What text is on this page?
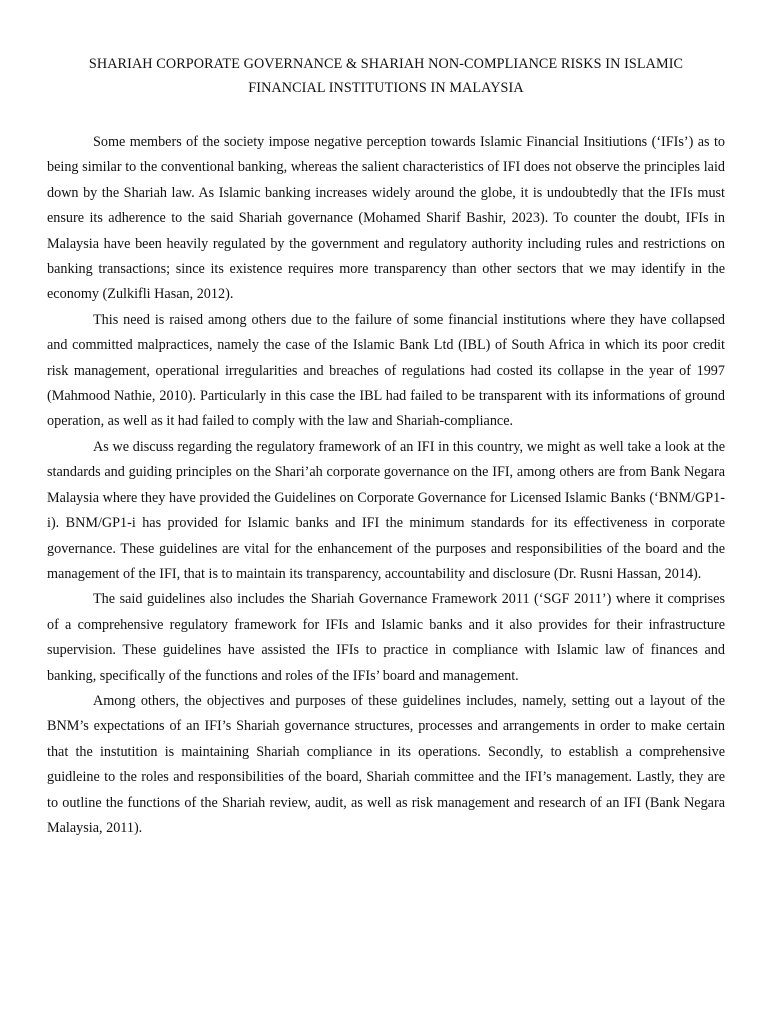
SHARIAH CORPORATE GOVERNANCE & SHARIAH NON-COMPLIANCE RISKS IN ISLAMIC
FINANCIAL INSTITUTIONS IN MALAYSIA

Some members of the society impose negative perception towards Islamic Financial Insitiutions (‘IFIs’) as to being similar to the conventional banking, whereas the salient characteristics of IFI does not observe the principles laid down by the Shariah law. As Islamic banking increases widely around the globe, it is undoubtedly that the IFIs must ensure its adherence to the said Shariah governance (Mohamed Sharif Bashir, 2023). To counter the doubt, IFIs in Malaysia have been heavily regulated by the government and regulatory authority including rules and restrictions on banking transactions; since its existence requires more transparency than other sectors that we may identify in the economy (Zulkifli Hasan, 2012).

This need is raised among others due to the failure of some financial institutions where they have collapsed and committed malpractices, namely the case of the Islamic Bank Ltd (IBL) of South Africa in which its poor credit risk management, operational irregularities and breaches of regulations had costed its collapse in the year of 1997 (Mahmood Nathie, 2010). Particularly in this case the IBL had failed to be transparent with its informations of ground operation, as well as it had failed to comply with the law and Shariah-compliance.

As we discuss regarding the regulatory framework of an IFI in this country, we might as well take a look at the standards and guiding principles on the Shari’ah corporate governance on the IFI, among others are from Bank Negara Malaysia where they have provided the Guidelines on Corporate Governance for Licensed Islamic Banks (‘BNM/GP1-i). BNM/GP1-i has provided for Islamic banks and IFI the minimum standards for its effectiveness in corporate governance. These guidelines are vital for the enhancement of the purposes and responsibilities of the board and the management of the IFI, that is to maintain its transparency, accountability and disclosure (Dr. Rusni Hassan, 2014).

The said guidelines also includes the Shariah Governance Framework 2011 (‘SGF 2011’) where it comprises of a comprehensive regulatory framework for IFIs and Islamic banks and it also provides for their infrastructure supervision. These guidelines have assisted the IFIs to practice in compliance with Islamic law of finances and banking, specifically of the functions and roles of the IFIs’ board and management.

Among others, the objectives and purposes of these guidelines includes, namely, setting out a layout of the BNM’s expectations of an IFI’s Shariah governance structures, processes and arrangements in order to make certain that the instutition is maintaining Shariah compliance in its operations. Secondly, to establish a comprehensive guidleine to the roles and responsibilities of the board, Shariah committee and the IFI’s management. Lastly, they are to outline the functions of the Shariah review, audit, as well as risk management and research of an IFI (Bank Negara Malaysia, 2011).
